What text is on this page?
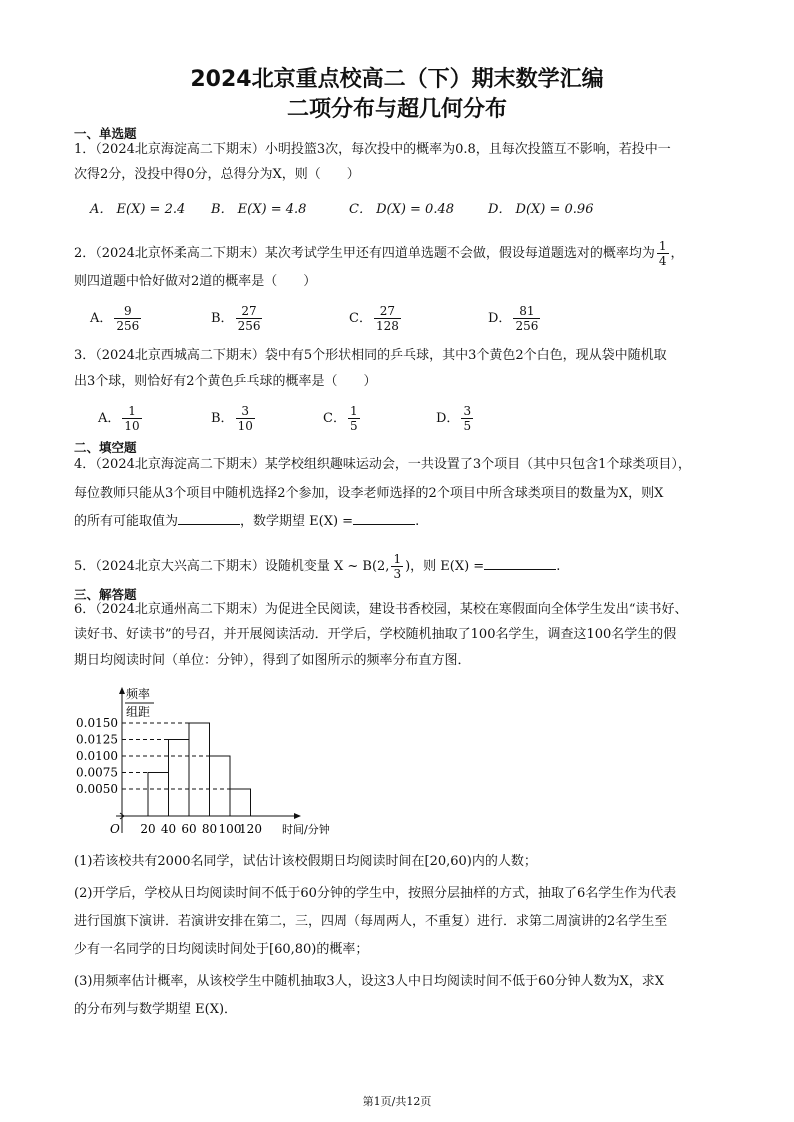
2024北京重点校高二（下）期末数学汇编
二项分布与超几何分布
一、单选题
1．（2024北京海淀高二下期末）小明投篮3次，每次投中的概率为0.8，且每次投篮互不影响，若投中一
次得2分，没投中得0分，总得分为X，则（　　）
A． E(X) = 2.4 B． E(X) = 4.8	C． D(X) = 0.48	D． D(X) = 0.96
2．（2024北京怀柔高二下期末）某次考试学生甲还有四道单选题不会做，假设每道题选对的概率均为 $\frac{1}{4}$ ，
则四道题中恰好做对2道的概率是（　　）
A． $\frac{9}{256}$	B． $\frac{27}{256}$	C． $\frac{27}{128}$	D． $\frac{81}{256}$
3．（2024北京西城高二下期末）袋中有5个形状相同的乒乓球，其中3个黄色2个白色，现从袋中随机取
出3个球，则恰好有2个黄色乒乓球的概率是（　　）
A． $\frac{1}{10}$	B． $\frac{3}{10}$	C． $\frac{1}{5}$	D． $\frac{3}{5}$
二、填空题
4．（2024北京海淀高二下期末）某学校组织趣味运动会，一共设置了3个项目（其中只包含1个球类项目），
每位教师只能从3个项目中随机选择2个参加，设李老师选择的2个项目中所含球类项目的数量为X，则X
的所有可能取值为	，数学期望 E(X) =	.
5．（2024北京大兴高二下期末）设随机变量 X ~ B(2, $\frac{1}{3}$ )，则 E(X) =	.
三、解答题
6．（2024北京通州高二下期末）为促进全民阅读，建设书香校园，某校在寒假面向全体学生发出“读书好、
读好书、好读书”的号召，并开展阅读活动．开学后，学校随机抽取了100名学生，调查这100名学生的假
期日均阅读时间（单位：分钟），得到了如图所示的频率分布直方图．
频率
组距
O	时间/分钟
0.0050
0.0075
0.0100
0.0125
0.0150
20 40 60 80 100
120
(1)若该校共有2000名同学，试估计该校假期日均阅读时间在[20,60)内的人数；
(2)开学后，学校从日均阅读时间不低于60分钟的学生中，按照分层抽样的方式，抽取了6名学生作为代表
进行国旗下演讲．若演讲安排在第二，三，四周（每周两人，不重复）进行．求第二周演讲的2名学生至
少有一名同学的日均阅读时间处于[60,80)的概率；
(3)用频率估计概率，从该校学生中随机抽取3人，设这3人中日均阅读时间不低于60分钟人数为X，求X
的分布列与数学期望 E(X)．
第1页/共12页
